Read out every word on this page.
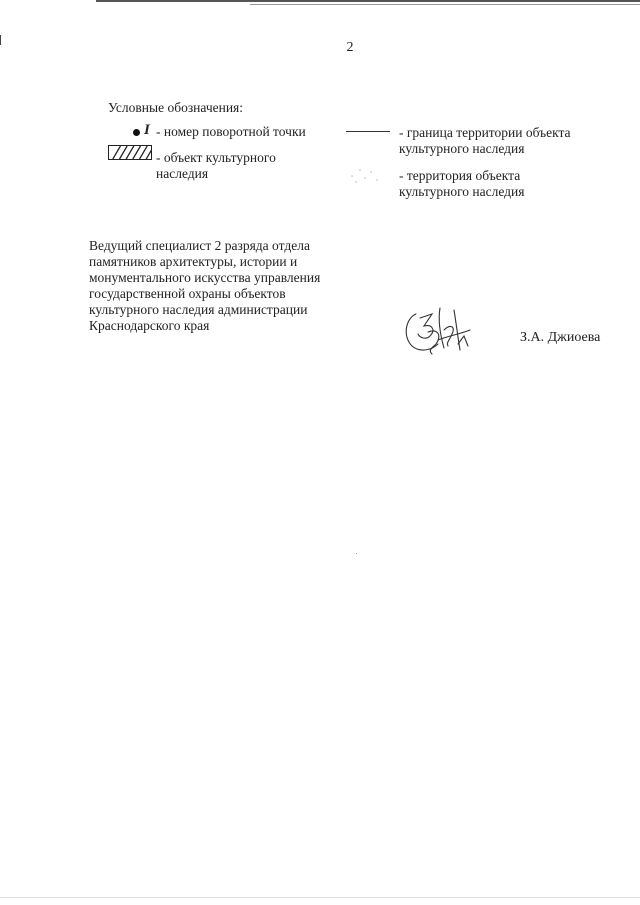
2
Условные обозначения:
I - номер поворотной точки	- граница территории объекта
культурного наследия
- объект культурного
наследия	- территория объекта
культурного наследия
Ведущий специалист 2 разряда отдела
памятников архитектуры, истории и
монументального искусства управления
государственной охраны объектов
культурного наследия администрации
Краснодарского края
З.А. Джиоева
